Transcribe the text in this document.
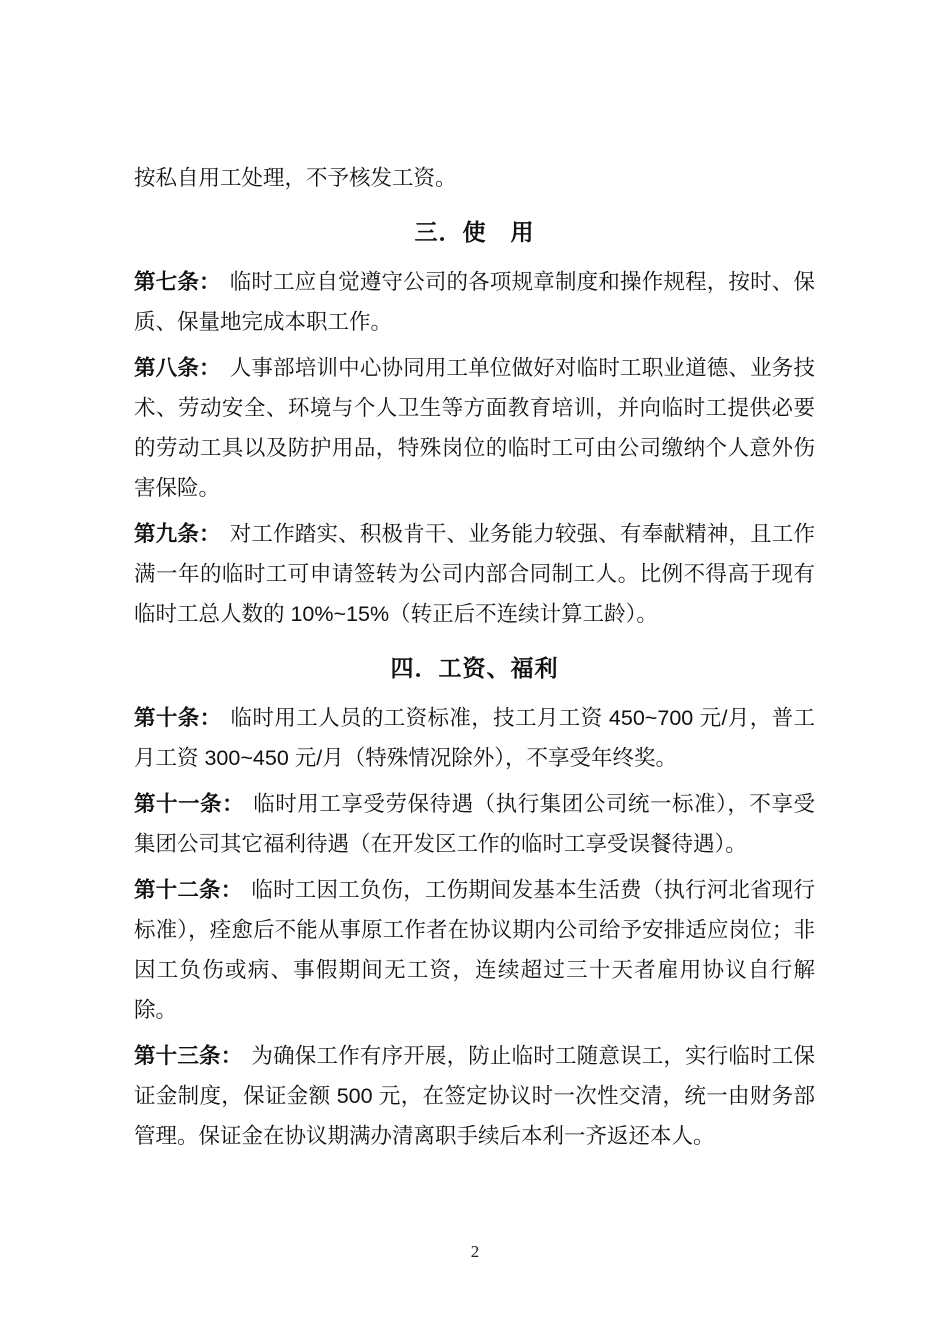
按私自用工处理，不予核发工资。

三．使　用

第七条： 临时工应自觉遵守公司的各项规章制度和操作规程，按时、保质、保量地完成本职工作。

第八条： 人事部培训中心协同用工单位做好对临时工职业道德、业务技术、劳动安全、环境与个人卫生等方面教育培训，并向临时工提供必要的劳动工具以及防护用品，特殊岗位的临时工可由公司缴纳个人意外伤害保险。

第九条： 对工作踏实、积极肯干、业务能力较强、有奉献精神，且工作满一年的临时工可申请签转为公司内部合同制工人。比例不得高于现有临时工总人数的 10%~15%（转正后不连续计算工龄）。

四．工资、福利

第十条： 临时用工人员的工资标准，技工月工资 450~700 元/月，普工月工资 300~450 元/月（特殊情况除外），不享受年终奖。

第十一条： 临时用工享受劳保待遇（执行集团公司统一标准），不享受集团公司其它福利待遇（在开发区工作的临时工享受误餐待遇）。

第十二条： 临时工因工负伤，工伤期间发基本生活费（执行河北省现行标准），痊愈后不能从事原工作者在协议期内公司给予安排适应岗位；非因工负伤或病、事假期间无工资，连续超过三十天者雇用协议自行解除。

第十三条： 为确保工作有序开展，防止临时工随意误工，实行临时工保证金制度，保证金额 500 元，在签定协议时一次性交清，统一由财务部管理。保证金在协议期满办清离职手续后本利一齐返还本人。

2
